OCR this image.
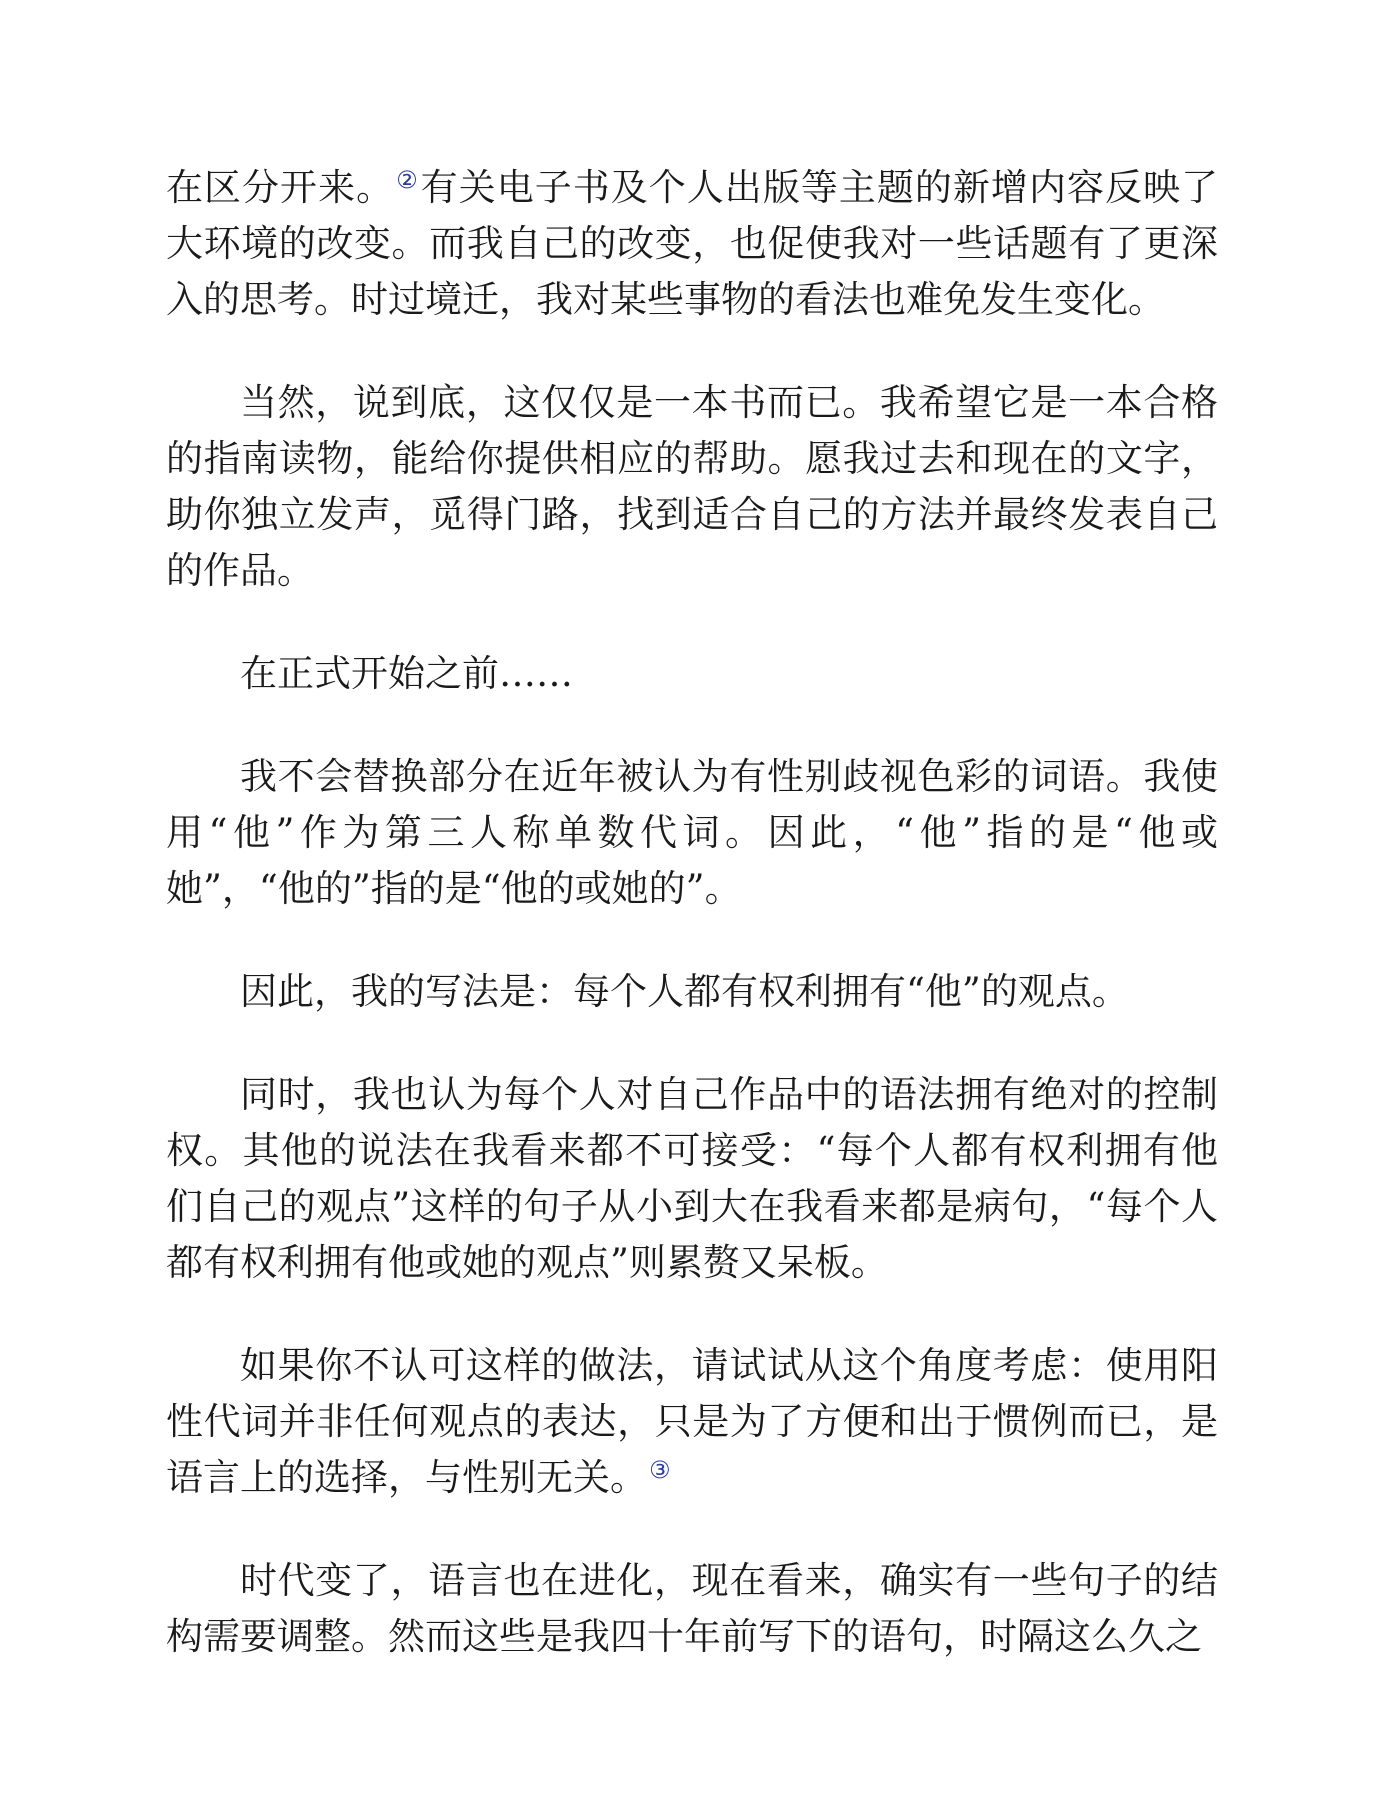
在区分开来。②有关电子书及个人出版等主题的新增内容反映了大环境的改变。而我自己的改变，也促使我对一些话题有了更深入的思考。时过境迁，我对某些事物的看法也难免发生变化。

当然，说到底，这仅仅是一本书而已。我希望它是一本合格的指南读物，能给你提供相应的帮助。愿我过去和现在的文字，助你独立发声，觅得门路，找到适合自己的方法并最终发表自己的作品。

在正式开始之前……

我不会替换部分在近年被认为有性别歧视色彩的词语。我使用“他”作为第三人称单数代词。因此，“他”指的是“他或她”，“他的”指的是“他的或她的”。

因此，我的写法是：每个人都有权利拥有“他”的观点。

同时，我也认为每个人对自己作品中的语法拥有绝对的控制权。其他的说法在我看来都不可接受：“每个人都有权利拥有他们自己的观点”这样的句子从小到大在我看来都是病句，“每个人都有权利拥有他或她的观点”则累赘又呆板。

如果你不认可这样的做法，请试试从这个角度考虑：使用阳性代词并非任何观点的表达，只是为了方便和出于惯例而已，是语言上的选择，与性别无关。③

时代变了，语言也在进化，现在看来，确实有一些句子的结构需要调整。然而这些是我四十年前写下的语句，时隔这么久之
